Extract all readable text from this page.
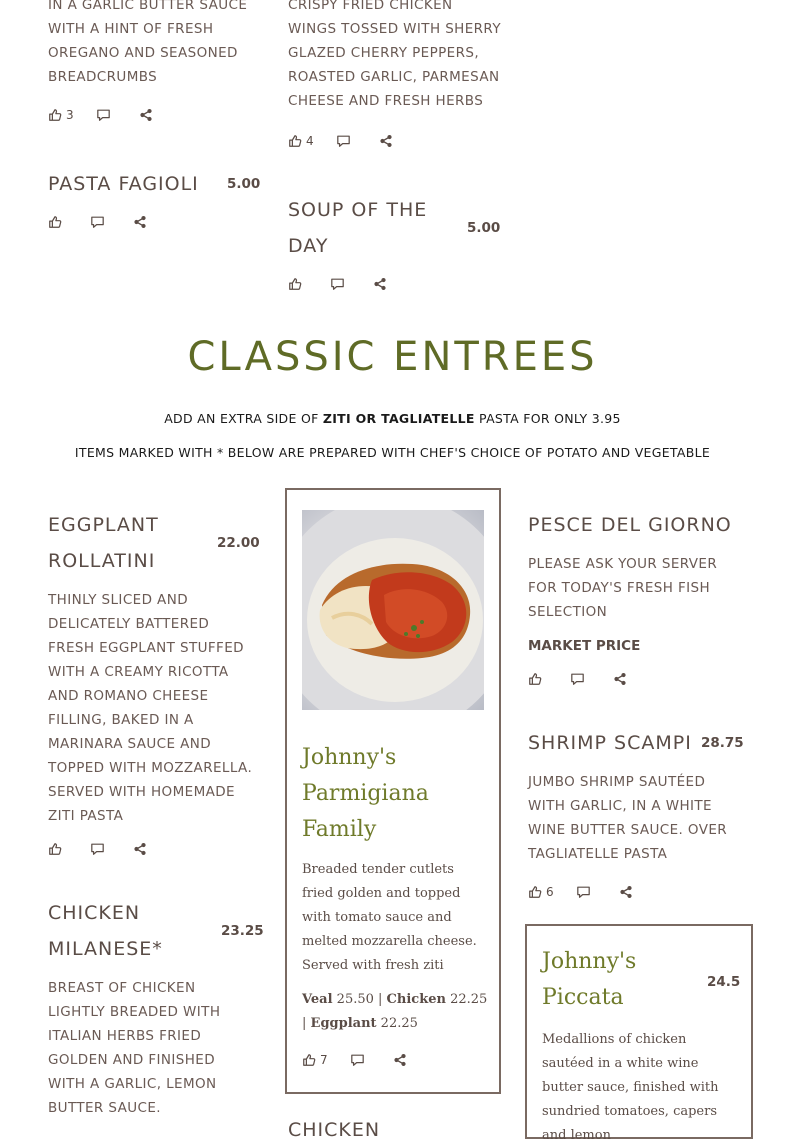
IN A GARLIC BUTTER SAUCE WITH A HINT OF FRESH OREGANO AND SEASONED BREADCRUMBS
3
CRISPY FRIED CHICKEN WINGS TOSSED WITH SHERRY GLAZED CHERRY PEPPERS, ROASTED GARLIC, PARMESAN CHEESE AND FRESH HERBS
4
PASTA FAGIOLI 5.00
SOUP OF THE
DAY
5.00
CLASSIC ENTREES
ADD AN EXTRA SIDE OF ZITI OR TAGLIATELLE PASTA FOR ONLY 3.95
ITEMS MARKED WITH * BELOW ARE PREPARED WITH CHEF'S CHOICE OF POTATO AND VEGETABLE
EGGPLANT
ROLLATINI
22.00
THINLY SLICED AND DELICATELY BATTERED FRESH EGGPLANT STUFFED WITH A CREAMY RICOTTA AND ROMANO CHEESE FILLING, BAKED IN A MARINARA SAUCE AND TOPPED WITH MOZZARELLA. SERVED WITH HOMEMADE ZITI PASTA
CHICKEN
MILANESE*
23.25
BREAST OF CHICKEN LIGHTLY BREADED WITH ITALIAN HERBS FRIED GOLDEN AND FINISHED WITH A GARLIC, LEMON BUTTER SAUCE.
Johnny's
Parmigiana
Family
Breaded tender cutlets fried golden and topped with tomato sauce and melted mozzarella cheese. Served with fresh ziti
Veal 25.50 | Chicken 22.25 | Eggplant 22.25
7
CHICKEN
PESCE DEL GIORNO
PLEASE ASK YOUR SERVER FOR TODAY'S FRESH FISH SELECTION
MARKET PRICE
SHRIMP SCAMPI 28.75
JUMBO SHRIMP SAUTÉED WITH GARLIC, IN A WHITE WINE BUTTER SAUCE. OVER TAGLIATELLE PASTA
6
Johnny's
Piccata
24.5
Medallions of chicken sautéed in a white wine butter sauce, finished with sundried tomatoes, capers and lemon
